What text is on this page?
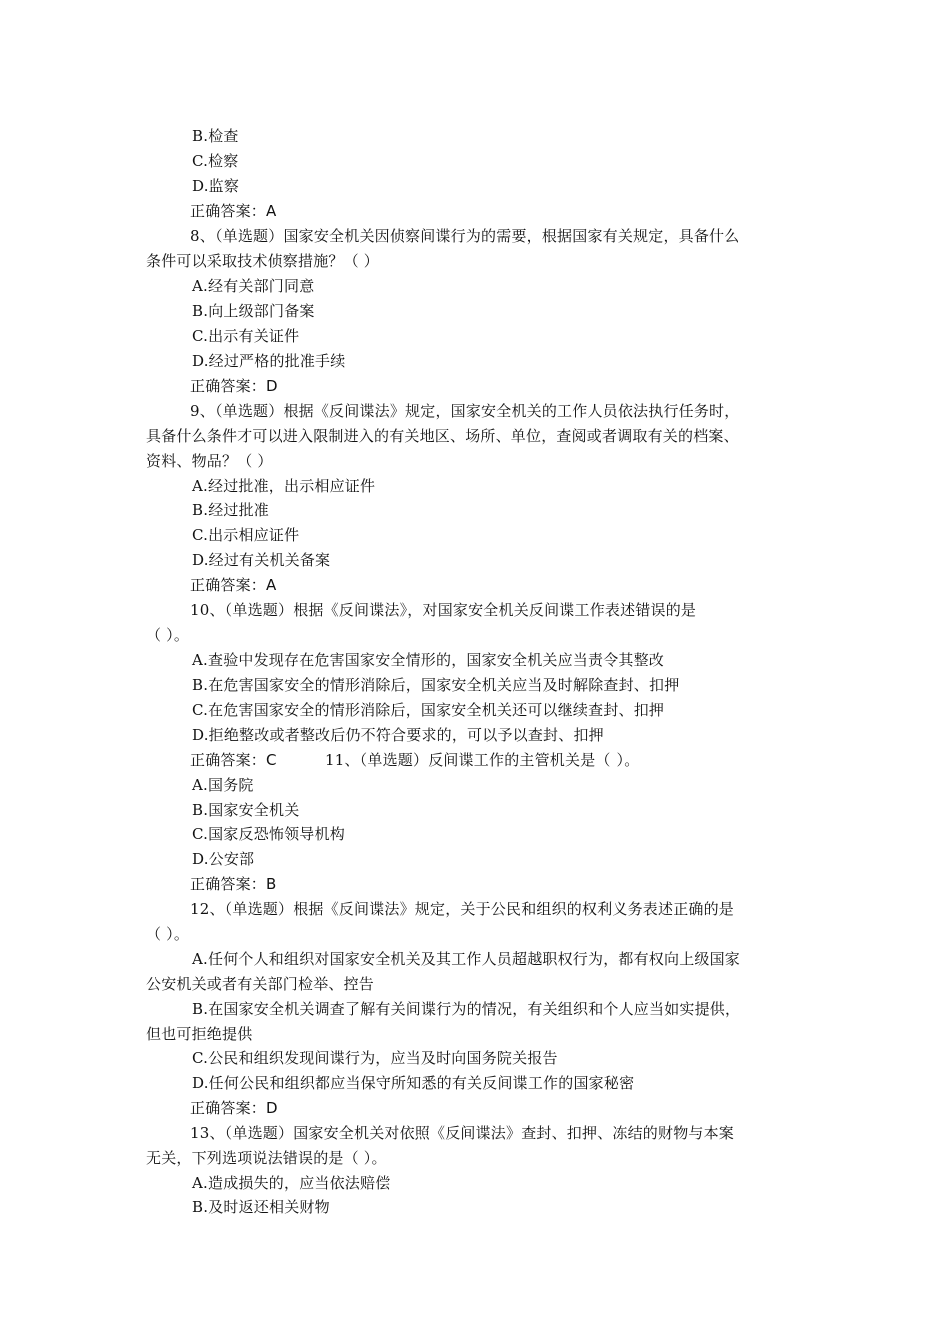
B.检查
C.检察
D.监察
正确答案：A
8、（单选题）国家安全机关因侦察间谍行为的需要，根据国家有关规定，具备什么
条件可以采取技术侦察措施？（ ）
A.经有关部门同意
B.向上级部门备案
C.出示有关证件
D.经过严格的批准手续
正确答案：D
9、（单选题）根据《反间谍法》规定，国家安全机关的工作人员依法执行任务时，
具备什么条件才可以进入限制进入的有关地区、场所、单位，查阅或者调取有关的档案、
资料、物品？（ ）
A.经过批准，出示相应证件
B.经过批准
C.出示相应证件
D.经过有关机关备案
正确答案：A
10、（单选题）根据《反间谍法》，对国家安全机关反间谍工作表述错误的是
（ ）。
A.查验中发现存在危害国家安全情形的，国家安全机关应当责令其整改
B.在危害国家安全的情形消除后，国家安全机关应当及时解除查封、扣押
C.在危害国家安全的情形消除后，国家安全机关还可以继续查封、扣押
D.拒绝整改或者整改后仍不符合要求的，可以予以查封、扣押
正确答案：C	11、（单选题）反间谍工作的主管机关是（ ）。
A.国务院
B.国家安全机关
C.国家反恐怖领导机构
D.公安部
正确答案：B
12、（单选题）根据《反间谍法》规定，关于公民和组织的权利义务表述正确的是
（ ）。
A.任何个人和组织对国家安全机关及其工作人员超越职权行为，都有权向上级国家
公安机关或者有关部门检举、控告
B.在国家安全机关调查了解有关间谍行为的情况，有关组织和个人应当如实提供，
但也可拒绝提供
C.公民和组织发现间谍行为，应当及时向国务院关报告
D.任何公民和组织都应当保守所知悉的有关反间谍工作的国家秘密
正确答案：D
13、（单选题）国家安全机关对依照《反间谍法》查封、扣押、冻结的财物与本案
无关，下列选项说法错误的是（ ）。
A.造成损失的，应当依法赔偿
B.及时返还相关财物
